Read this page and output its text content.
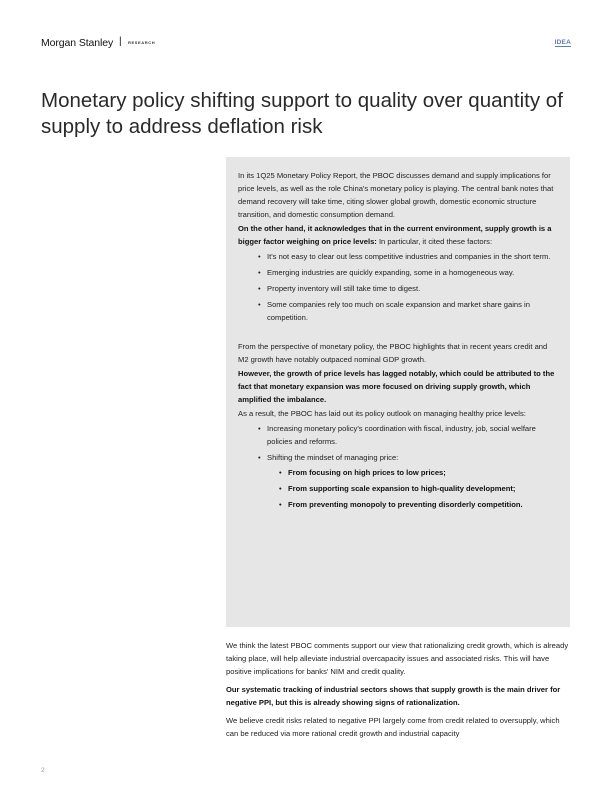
Morgan Stanley | RESEARCH	IDEA
Monetary policy shifting support to quality over quantity of supply to address deflation risk

In its 1Q25 Monetary Policy Report, the PBOC discusses demand and supply implications for price levels, as well as the role China's monetary policy is playing. The central bank notes that demand recovery will take time, citing slower global growth, domestic economic structure transition, and domestic consumption demand.

On the other hand, it acknowledges that in the current environment, supply growth is a bigger factor weighing on price levels: In particular, it cited these factors:

• It's not easy to clear out less competitive industries and companies in the short term.
• Emerging industries are quickly expanding, some in a homogeneous way.
• Property inventory will still take time to digest.
• Some companies rely too much on scale expansion and market share gains in competition.

From the perspective of monetary policy, the PBOC highlights that in recent years credit and M2 growth have notably outpaced nominal GDP growth.

However, the growth of price levels has lagged notably, which could be attributed to the fact that monetary expansion was more focused on driving supply growth, which amplified the imbalance.

As a result, the PBOC has laid out its policy outlook on managing healthy price levels:

• Increasing monetary policy's coordination with fiscal, industry, job, social welfare policies and reforms.
• Shifting the mindset of managing price:
• From focusing on high prices to low prices;
• From supporting scale expansion to high-quality development;
• From preventing monopoly to preventing disorderly competition.

We think the latest PBOC comments support our view that rationalizing credit growth, which is already taking place, will help alleviate industrial overcapacity issues and associated risks. This will have positive implications for banks' NIM and credit quality.

Our systematic tracking of industrial sectors shows that supply growth is the main driver for negative PPI, but this is already showing signs of rationalization.

We believe credit risks related to negative PPI largely come from credit related to oversupply, which can be reduced via more rational credit growth and industrial capacity

2
